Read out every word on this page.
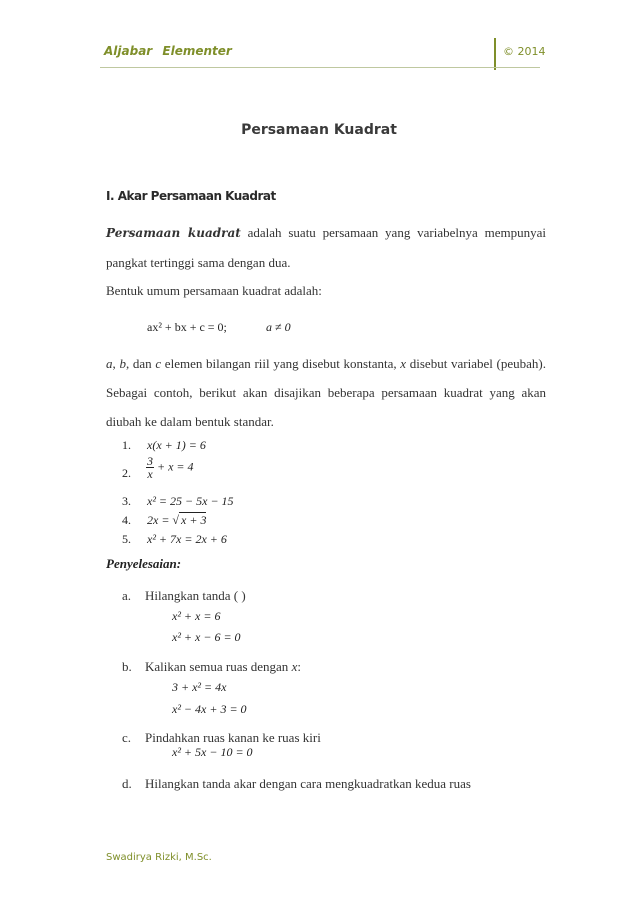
Aljabar Elementer	© 2014
Persamaan Kuadrat
I. Akar Persamaan Kuadrat
Persamaan kuadrat adalah suatu persamaan yang variabelnya mempunyai pangkat tertinggi sama dengan dua.
Bentuk umum persamaan kuadrat adalah:
ax² + bx + c = 0;	a ≠ 0
a, b, dan c elemen bilangan riil yang disebut konstanta, x disebut variabel (peubah). Sebagai contoh, berikut akan disajikan beberapa persamaan kuadrat yang akan diubah ke dalam bentuk standar.
1. x(x + 1) = 6
2. $\frac{3}{x} + x = 4$
3. x² = 25 − 5x − 15
4. 2x = √ x + 3
5. x² + 7x = 2x + 6
Penyelesaian:
a. Hilangkan tanda ( )
x² + x = 6
x² + x − 6 = 0
b. Kalikan semua ruas dengan x:
3 + x² = 4x
x² − 4x + 3 = 0
c. Pindahkan ruas kanan ke ruas kiri
x² + 5x − 10 = 0
d. Hilangkan tanda akar dengan cara mengkuadratkan kedua ruas
Swadirya Rizki, M.Sc.
